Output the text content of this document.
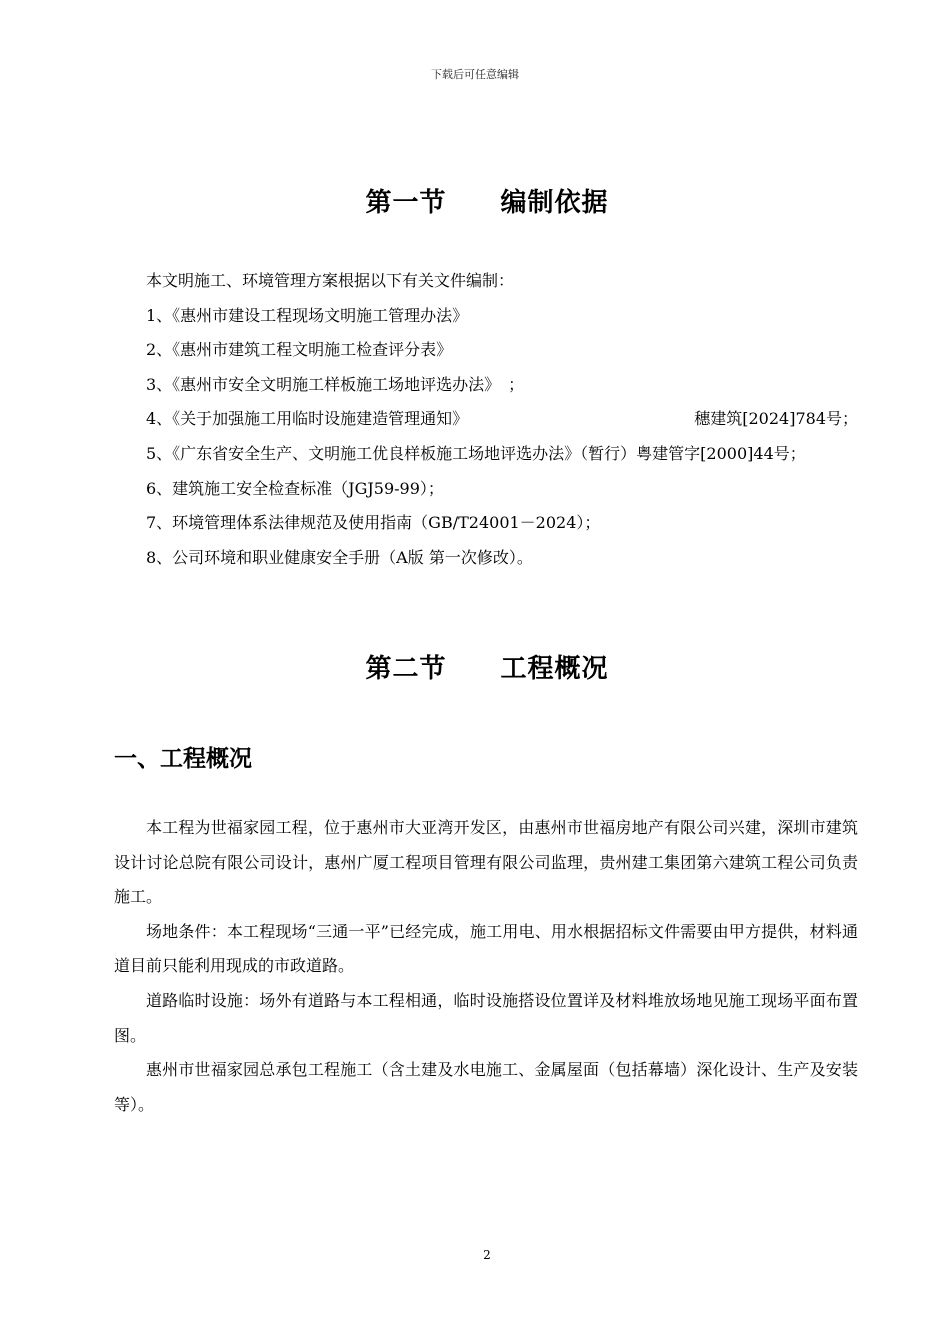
下载后可任意编辑
第一节　　编制依据
本文明施工、环境管理方案根据以下有关文件编制：
1、《惠州市建设工程现场文明施工管理办法》
2、《惠州市建筑工程文明施工检查评分表》
3、《惠州市安全文明施工样板施工场地评选办法》　；
4、《关于加强施工用临时设施建造管理通知》	穗建筑[2024]784号；
5、《广东省安全生产、文明施工优良样板施工场地评选办法》（暂行）粤建管字[2000]44号；
6、建筑施工安全检查标准（JGJ59-99）；
7、环境管理体系法律规范及使用指南（GB/T24001－2024）；
8、公司环境和职业健康安全手册（A版 第一次修改）。
第二节　　工程概况
一、工程概况

本工程为世福家园工程，位于惠州市大亚湾开发区，由惠州市世福房地产有限公司兴建，深圳市建筑设计讨论总院有限公司设计，惠州广厦工程项目管理有限公司监理，贵州建工集团第六建筑工程公司负责施工。

场地条件：本工程现场“三通一平”已经完成，施工用电、用水根据招标文件需要由甲方提供，材料通道目前只能利用现成的市政道路。

道路临时设施：场外有道路与本工程相通，临时设施搭设位置详及材料堆放场地见施工现场平面布置图。

惠州市世福家园总承包工程施工（含土建及水电施工、金属屋面（包括幕墙）深化设计、生产及安装等）。

2
